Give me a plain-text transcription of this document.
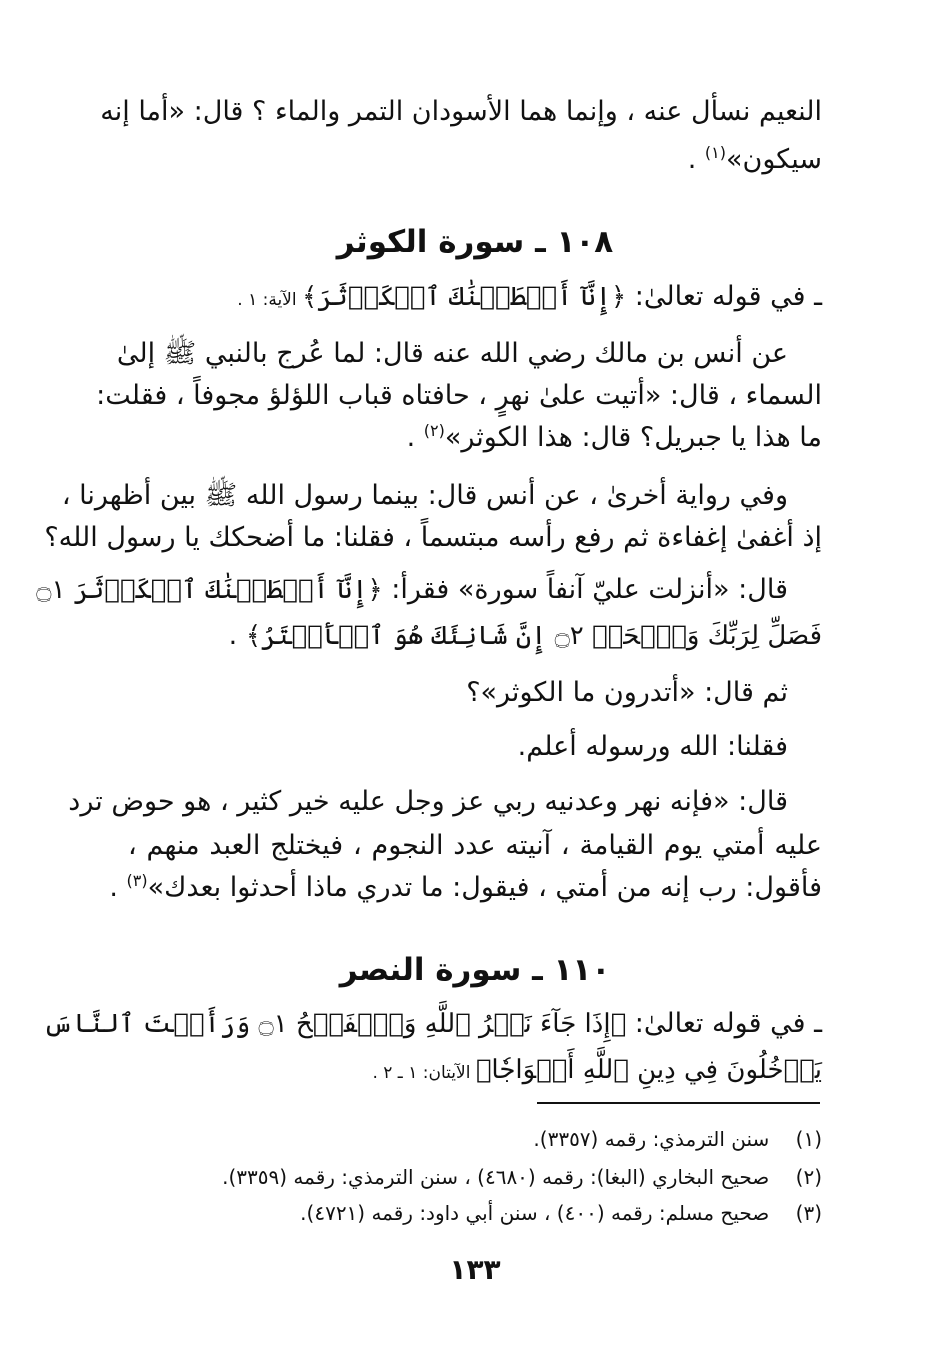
النعيم نسأل عنه ، وإنما هما الأسودان التمر والماء ؟ قال: «أما إنه
سيكون»$^{(١)}$ .
١٠٨ ـ سورة الكوثر
ـ في قوله تعالىٰ: ﴿إِنَّآ أَعۡطَيۡنَٰكَ ٱلۡكَوۡثَرَ﴾ الآية: ١ .
عن أنس بن مالك رضي الله عنه قال: لما عُرج بالنبي ﷺ إلىٰ
السماء ، قال: «أتيت علىٰ نهرٍ ، حافتاه قباب اللؤلؤ مجوفاً ، فقلت:
ما هذا يا جبريل؟ قال: هذا الكوثر»$^{(٢)}$ .
وفي رواية أخرىٰ ، عن أنس قال: بينما رسول الله ﷺ بين أظهرنا ،
إذ أغفىٰ إغفاءة ثم رفع رأسه مبتسماً ، فقلنا: ما أضحكك يا رسول الله؟
قال: «أنزلت عليّ آنفاً سورة» فقرأ: ﴿إِنَّآ أَعۡطَيۡنَٰكَ ٱلۡكَوۡثَرَ ۝١
فَصَلِّ لِرَبِّكَ وَٱنۡحَرۡ ۝٢ إِنَّ شَانِئَكَ هُوَ ٱلۡأَبۡتَرُ﴾ .
ثم قال: «أتدرون ما الكوثر»؟
فقلنا: الله ورسوله أعلم.
قال: «فإنه نهر وعدنيه ربي عز وجل عليه خير كثير ، هو حوض ترد
عليه أمتي يوم القيامة ، آنيته عدد النجوم ، فيختلج العبد منهم ،
فأقول: رب إنه من أمتي ، فيقول: ما تدري ماذا أحدثوا بعدك»$^{(٣)}$ .
١١٠ ـ سورة النصر
ـ في قوله تعالىٰ: ﴿إِذَا جَآءَ نَصۡرُ ٱللَّهِ وَٱلۡفَتۡحُ ۝١ وَرَأَيۡتَ ٱلنَّاسَ
يَدۡخُلُونَ فِي دِينِ ٱللَّهِ أَفۡوَاجٗا﴾ الآيتان: ١ ـ ٢ .
(١)  سنن الترمذي: رقمه (٣٣٥٧).
(٢)  صحيح البخاري (البغا): رقمه (٤٦٨٠) ، سنن الترمذي: رقمه (٣٣٥٩).
(٣)  صحيح مسلم: رقمه (٤٠٠) ، سنن أبي داود: رقمه (٤٧٢١).
١٣٣
